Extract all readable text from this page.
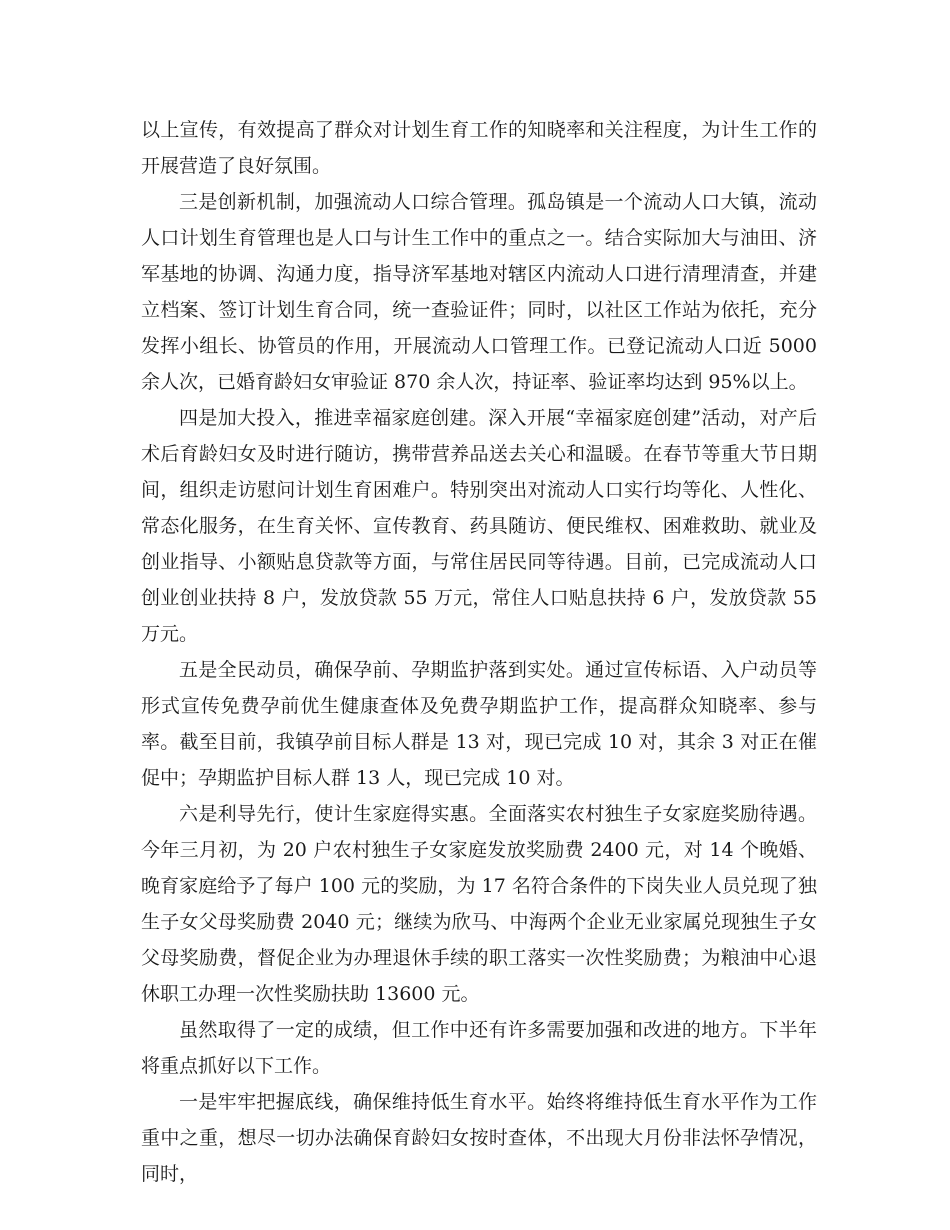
以上宣传，有效提高了群众对计划生育工作的知晓率和关注程度，为计生工作的开展营造了良好氛围。

三是创新机制，加强流动人口综合管理。孤岛镇是一个流动人口大镇，流动人口计划生育管理也是人口与计生工作中的重点之一。结合实际加大与油田、济军基地的协调、沟通力度，指导济军基地对辖区内流动人口进行清理清查，并建立档案、签订计划生育合同，统一查验证件；同时，以社区工作站为依托，充分发挥小组长、协管员的作用，开展流动人口管理工作。已登记流动人口近 5000 余人次，已婚育龄妇女审验证 870 余人次，持证率、验证率均达到 95%以上。

四是加大投入，推进幸福家庭创建。深入开展“幸福家庭创建”活动，对产后术后育龄妇女及时进行随访，携带营养品送去关心和温暖。在春节等重大节日期间，组织走访慰问计划生育困难户。特别突出对流动人口实行均等化、人性化、常态化服务，在生育关怀、宣传教育、药具随访、便民维权、困难救助、就业及创业指导、小额贴息贷款等方面，与常住居民同等待遇。目前，已完成流动人口创业创业扶持 8 户，发放贷款 55 万元，常住人口贴息扶持 6 户，发放贷款 55 万元。

五是全民动员，确保孕前、孕期监护落到实处。通过宣传标语、入户动员等形式宣传免费孕前优生健康查体及免费孕期监护工作，提高群众知晓率、参与率。截至目前，我镇孕前目标人群是 13 对，现已完成 10 对，其余 3 对正在催促中；孕期监护目标人群 13 人，现已完成 10 对。

六是利导先行，使计生家庭得实惠。全面落实农村独生子女家庭奖励待遇。今年三月初，为 20 户农村独生子女家庭发放奖励费 2400 元，对 14 个晚婚、晚育家庭给予了每户 100 元的奖励，为 17 名符合条件的下岗失业人员兑现了独生子女父母奖励费 2040 元；继续为欣马、中海两个企业无业家属兑现独生子女父母奖励费，督促企业为办理退休手续的职工落实一次性奖励费；为粮油中心退休职工办理一次性奖励扶助 13600 元。

虽然取得了一定的成绩，但工作中还有许多需要加强和改进的地方。下半年将重点抓好以下工作。

一是牢牢把握底线，确保维持低生育水平。始终将维持低生育水平作为工作重中之重，想尽一切办法确保育龄妇女按时查体，不出现大月份非法怀孕情况，同时，
